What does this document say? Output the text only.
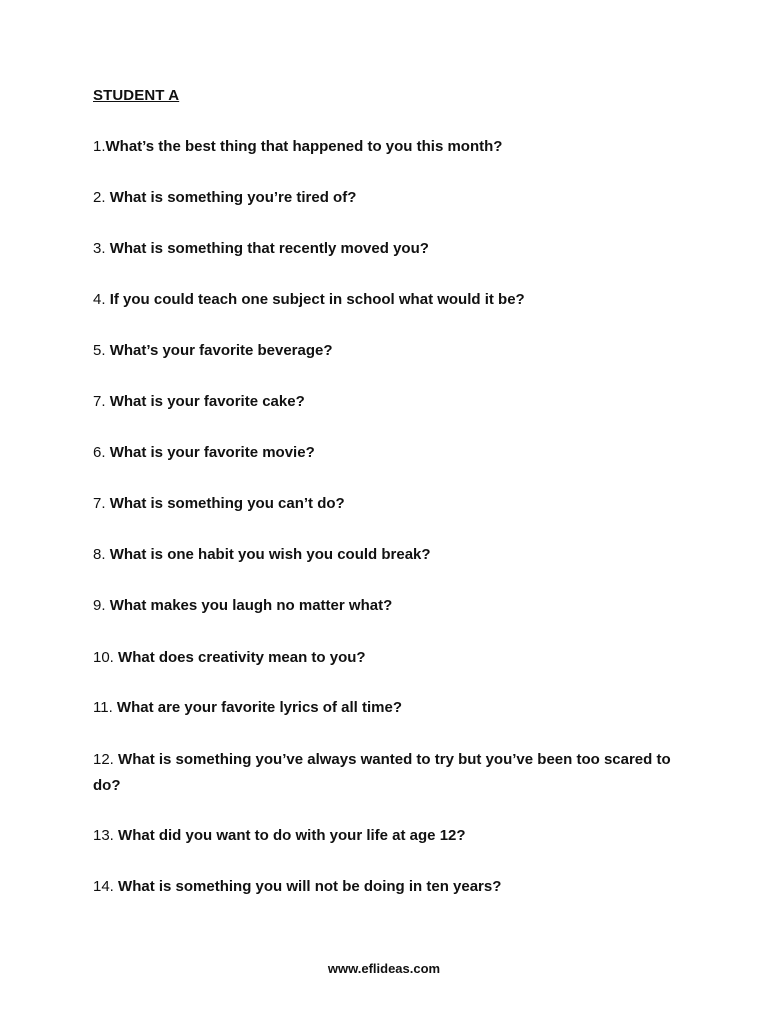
STUDENT A
1.What’s the best thing that happened to you this month?
2. What is something you’re tired of?
3. What is something that recently moved you?
4. If you could teach one subject in school what would it be?
5. What’s your favorite beverage?
7. What is your favorite cake?
6. What is your favorite movie?
7. What is something you can’t do?
8. What is one habit you wish you could break?
9. What makes you laugh no matter what?
10. What does creativity mean to you?
11. What are your favorite lyrics of all time?
12. What is something you’ve always wanted to try but you’ve been too scared to do?
13. What did you want to do with your life at age 12?
14. What is something you will not be doing in ten years?
www.eflideas.com
